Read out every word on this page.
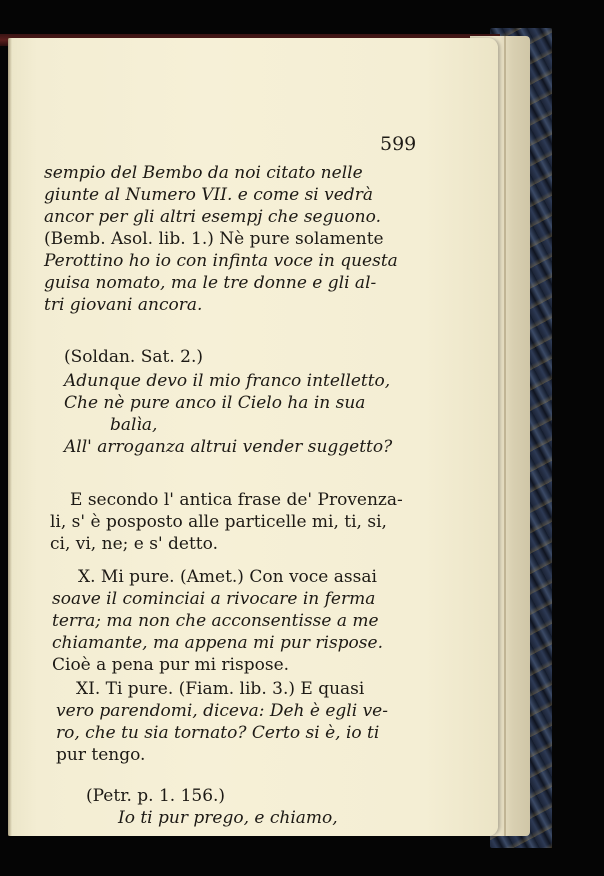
599
sempio del Bembo da noi citato nelle
giunte al Numero VII. e come si vedrà
ancor per gli altri esempj che seguono.
(Bemb. Asol. lib. 1.) Nè pure solamente
Perottino ho io con infinta voce in questa
guisa nomato, ma le tre donne e gli al-
tri giovani ancora.
(Soldan. Sat. 2.)
Adunque devo il mio franco intelletto,
Che nè pure anco il Cielo ha in sua
balìa,
All' arroganza altrui vender suggetto?
E secondo l' antica frase de' Provenza-
li, s' è posposto alle particelle mi, ti, si,
ci, vi, ne; e s' detto.
X. Mi pure. (Amet.) Con voce assai
soave il cominciai a rivocare in ferma
terra; ma non che acconsentisse a me
chiamante, ma appena mi pur rispose.
Cioè a pena pur mi rispose.
XI. Ti pure. (Fiam. lib. 3.) E quasi
vero parendomi, diceva: Deh è egli ve-
ro, che tu sia tornato? Certo si è, io ti
pur tengo.
(Petr. p. 1. 156.)
Io ti pur prego, e chiamo,
